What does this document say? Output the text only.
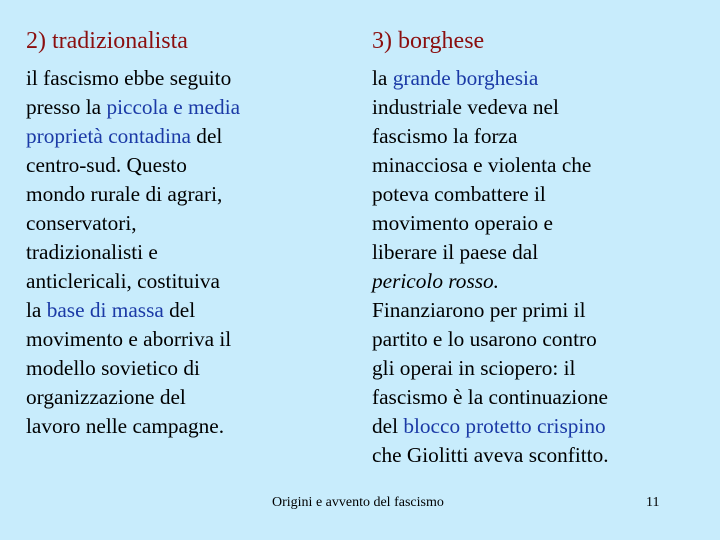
2) tradizionalista	3) borghese
il fascismo ebbe seguito
presso la piccola e media
proprietà contadina del
centro-sud. Questo
mondo rurale di agrari,
conservatori,
tradizionalisti e
anticlericali, costituiva
la base di massa del
movimento e aborriva il
modello sovietico di
organizzazione del
lavoro nelle campagne.
la grande borghesia
industriale vedeva nel
fascismo la forza
minacciosa e violenta che
poteva combattere il
movimento operaio e
liberare il paese dal
pericolo rosso.
Finanziarono per primi il
partito e lo usarono contro
gli operai in sciopero: il
fascismo è la continuazione
del blocco protetto crispino
che Giolitti aveva sconfitto.
Origini e avvento del fascismo	11
